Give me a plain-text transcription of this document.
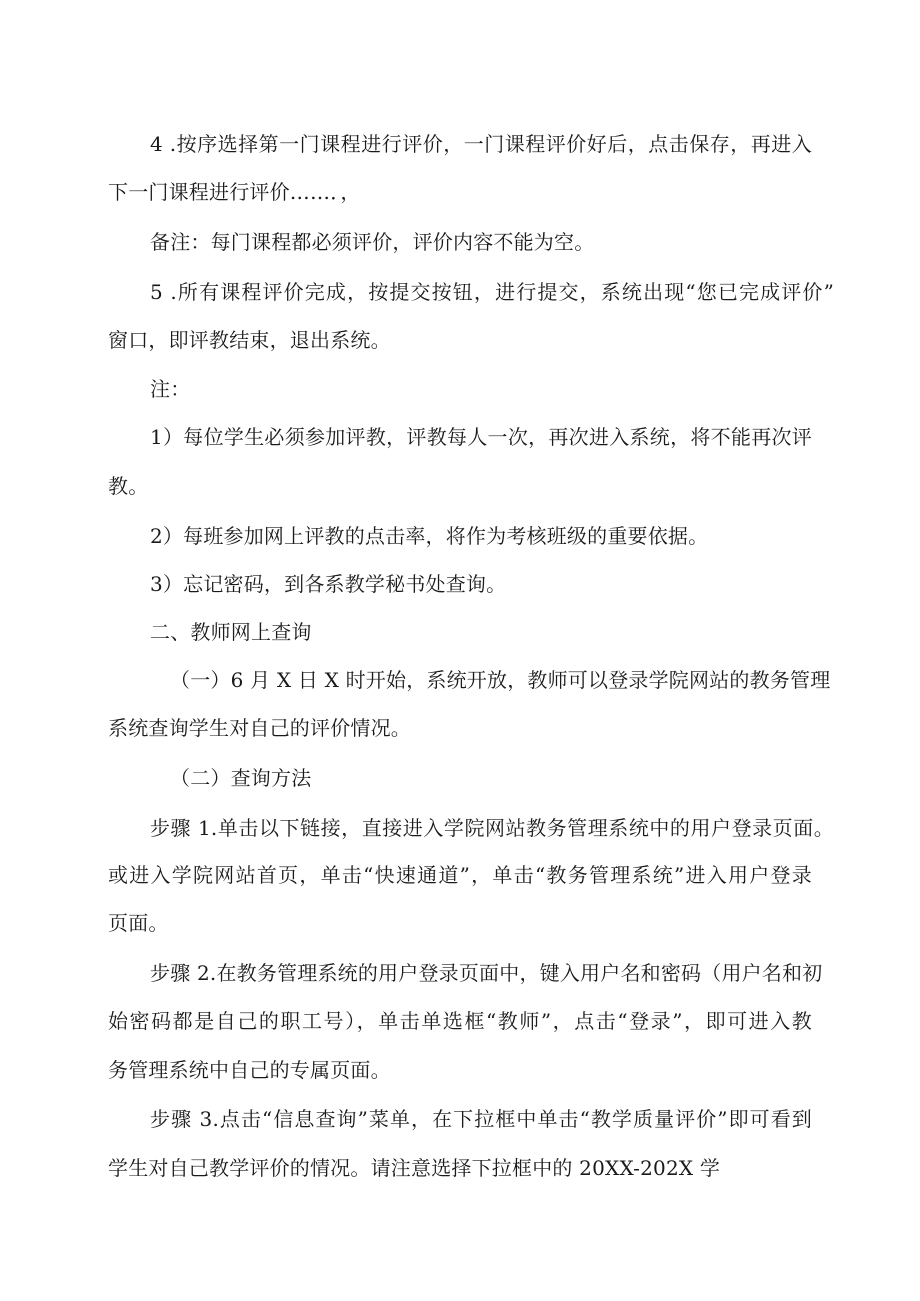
4 .按序选择第一门课程进行评价，一门课程评价好后，点击保存，再进入
下一门课程进行评价……．，
备注：每门课程都必须评价，评价内容不能为空。
5 .所有课程评价完成，按提交按钮，进行提交，系统出现“您已完成评价”
窗口，即评教结束，退出系统。
注：
1）每位学生必须参加评教，评教每人一次，再次进入系统，将不能再次评
教。
2）每班参加网上评教的点击率，将作为考核班级的重要依据。
3）忘记密码，到各系教学秘书处查询。
二、教师网上查询
（一）6 月 X 日 X 时开始，系统开放，教师可以登录学院网站的教务管理
系统查询学生对自己的评价情况。
（二）查询方法
步骤 1.单击以下链接，直接进入学院网站教务管理系统中的用户登录页面。
或进入学院网站首页，单击“快速通道”，单击“教务管理系统”进入用户登录
页面。
步骤 2.在教务管理系统的用户登录页面中，键入用户名和密码（用户名和初
始密码都是自己的职工号），单击单选框“教师”，点击“登录”，即可进入教
务管理系统中自己的专属页面。
步骤 3.点击“信息查询”菜单，在下拉框中单击“教学质量评价”即可看到
学生对自己教学评价的情况。请注意选择下拉框中的 20XX-202X 学
